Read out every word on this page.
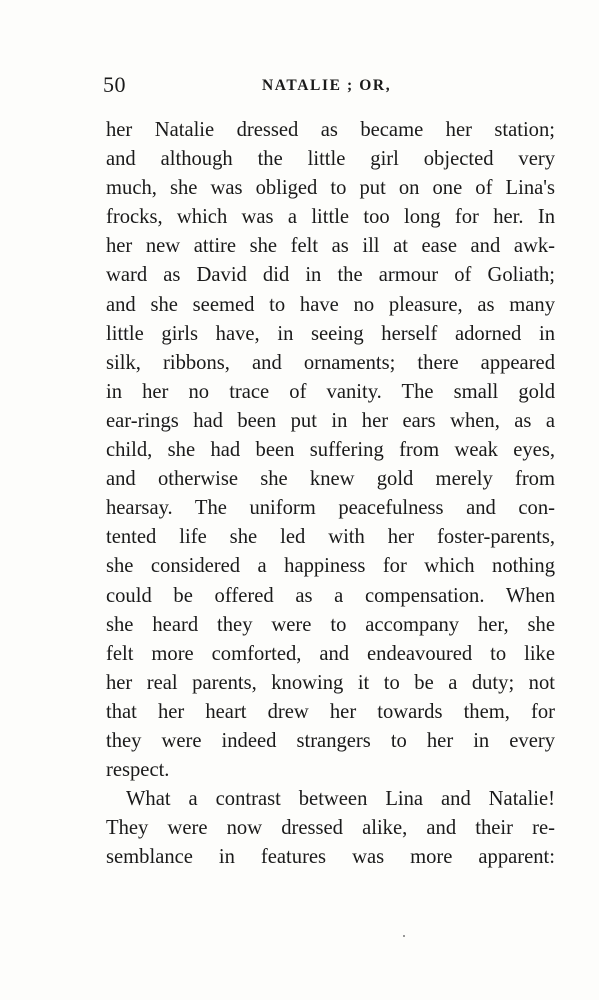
50	NATALIE ; OR,
her Natalie dressed as became her station;
and although the little girl objected very
much, she was obliged to put on one of Lina's
frocks, which was a little too long for her. In
her new attire she felt as ill at ease and awk-
ward as David did in the armour of Goliath;
and she seemed to have no pleasure, as many
little girls have, in seeing herself adorned in
silk, ribbons, and ornaments; there appeared
in her no trace of vanity. The small gold
ear-rings had been put in her ears when, as a
child, she had been suffering from weak eyes,
and otherwise she knew gold merely from
hearsay. The uniform peacefulness and con-
tented life she led with her foster-parents,
she considered a happiness for which nothing
could be offered as a compensation. When
she heard they were to accompany her, she
felt more comforted, and endeavoured to like
her real parents, knowing it to be a duty; not
that her heart drew her towards them, for
they were indeed strangers to her in every
respect.
What a contrast between Lina and Natalie!
They were now dressed alike, and their re-
semblance in features was more apparent:
